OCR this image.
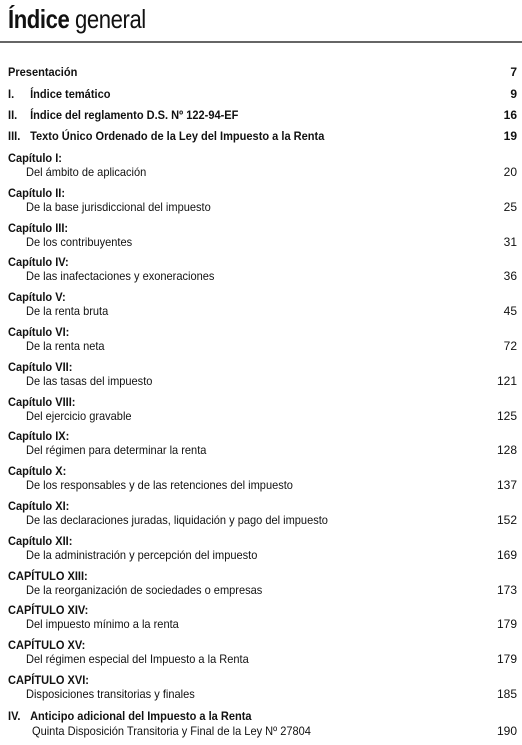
Índice general
Presentación	7
I. Índice temático	9
II. Índice del reglamento D.S. Nº 122-94-EF	16
III. Texto Único Ordenado de la Ley del Impuesto a la Renta	19
Capítulo I:
Del ámbito de aplicación	20
Capítulo II:
De la base jurisdiccional del impuesto	25
Capítulo III:
De los contribuyentes	31
Capítulo IV:
De las inafectaciones y exoneraciones	36
Capítulo V:
De la renta bruta	45
Capítulo VI:
De la renta neta	72
Capítulo VII:
De las tasas del impuesto	121
Capítulo VIII:
Del ejercicio gravable	125
Capítulo IX:
Del régimen para determinar la renta	128
Capítulo X:
De los responsables y de las retenciones del impuesto	137
Capítulo XI:
De las declaraciones juradas, liquidación y pago del impuesto	152
Capítulo XII:
De la administración y percepción del impuesto	169
CAPÍTULO XIII:
De la reorganización de sociedades o empresas	173
CAPÍTULO XIV:
Del impuesto mínimo a la renta	179
CAPÍTULO XV:
Del régimen especial del Impuesto a la Renta	179
CAPÍTULO XVI:
Disposiciones transitorias y finales	185
IV. Anticipo adicional del Impuesto a la Renta
Quinta Disposición Transitoria y Final de la Ley Nº 27804	190
